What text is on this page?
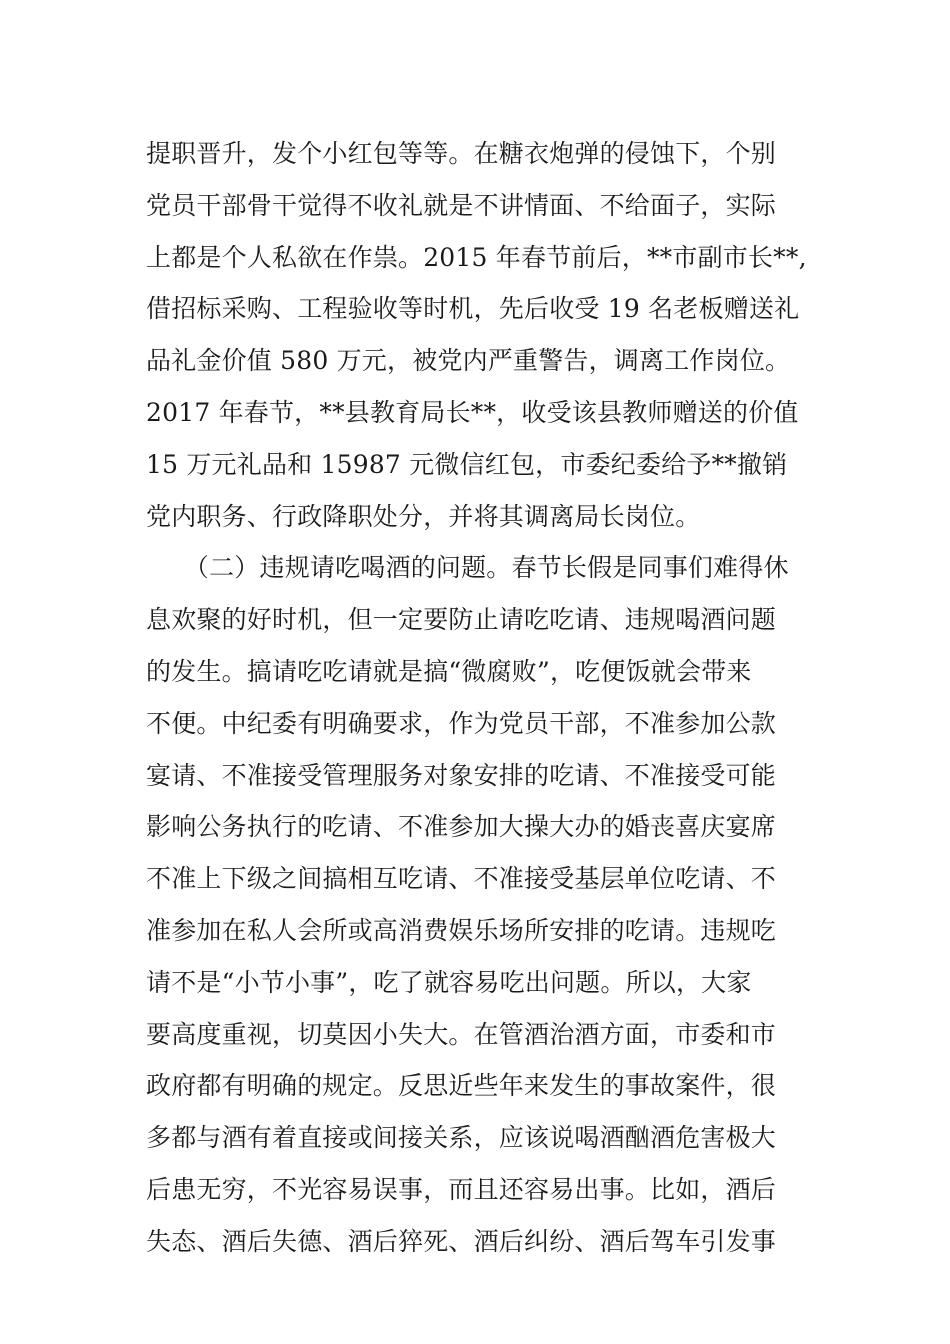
提职晋升，发个小红包等等。在糖衣炮弹的侵蚀下，个别
党员干部骨干觉得不收礼就是不讲情面、不给面子，实际
上都是个人私欲在作祟。2015 年春节前后，**市副市长**,
借招标采购、工程验收等时机，先后收受 19 名老板赠送礼
品礼金价值 580 万元，被党内严重警告，调离工作岗位。
2017 年春节，**县教育局长**，收受该县教师赠送的价值
15 万元礼品和 15987 元微信红包，市委纪委给予**撤销
党内职务、行政降职处分，并将其调离局长岗位。
　　（二）违规请吃喝酒的问题。春节长假是同事们难得休
息欢聚的好时机，但一定要防止请吃吃请、违规喝酒问题
的发生。搞请吃吃请就是搞“微腐败”，吃便饭就会带来
不便。中纪委有明确要求，作为党员干部，不准参加公款
宴请、不准接受管理服务对象安排的吃请、不准接受可能
影响公务执行的吃请、不准参加大操大办的婚丧喜庆宴席
不准上下级之间搞相互吃请、不准接受基层单位吃请、不
准参加在私人会所或高消费娱乐场所安排的吃请。违规吃
请不是“小节小事”，吃了就容易吃出问题。所以，大家
要高度重视，切莫因小失大。在管酒治酒方面，市委和市
政府都有明确的规定。反思近些年来发生的事故案件，很
多都与酒有着直接或间接关系，应该说喝酒酗酒危害极大
后患无穷，不光容易误事，而且还容易出事。比如，酒后
失态、酒后失德、酒后猝死、酒后纠纷、酒后驾车引发事
